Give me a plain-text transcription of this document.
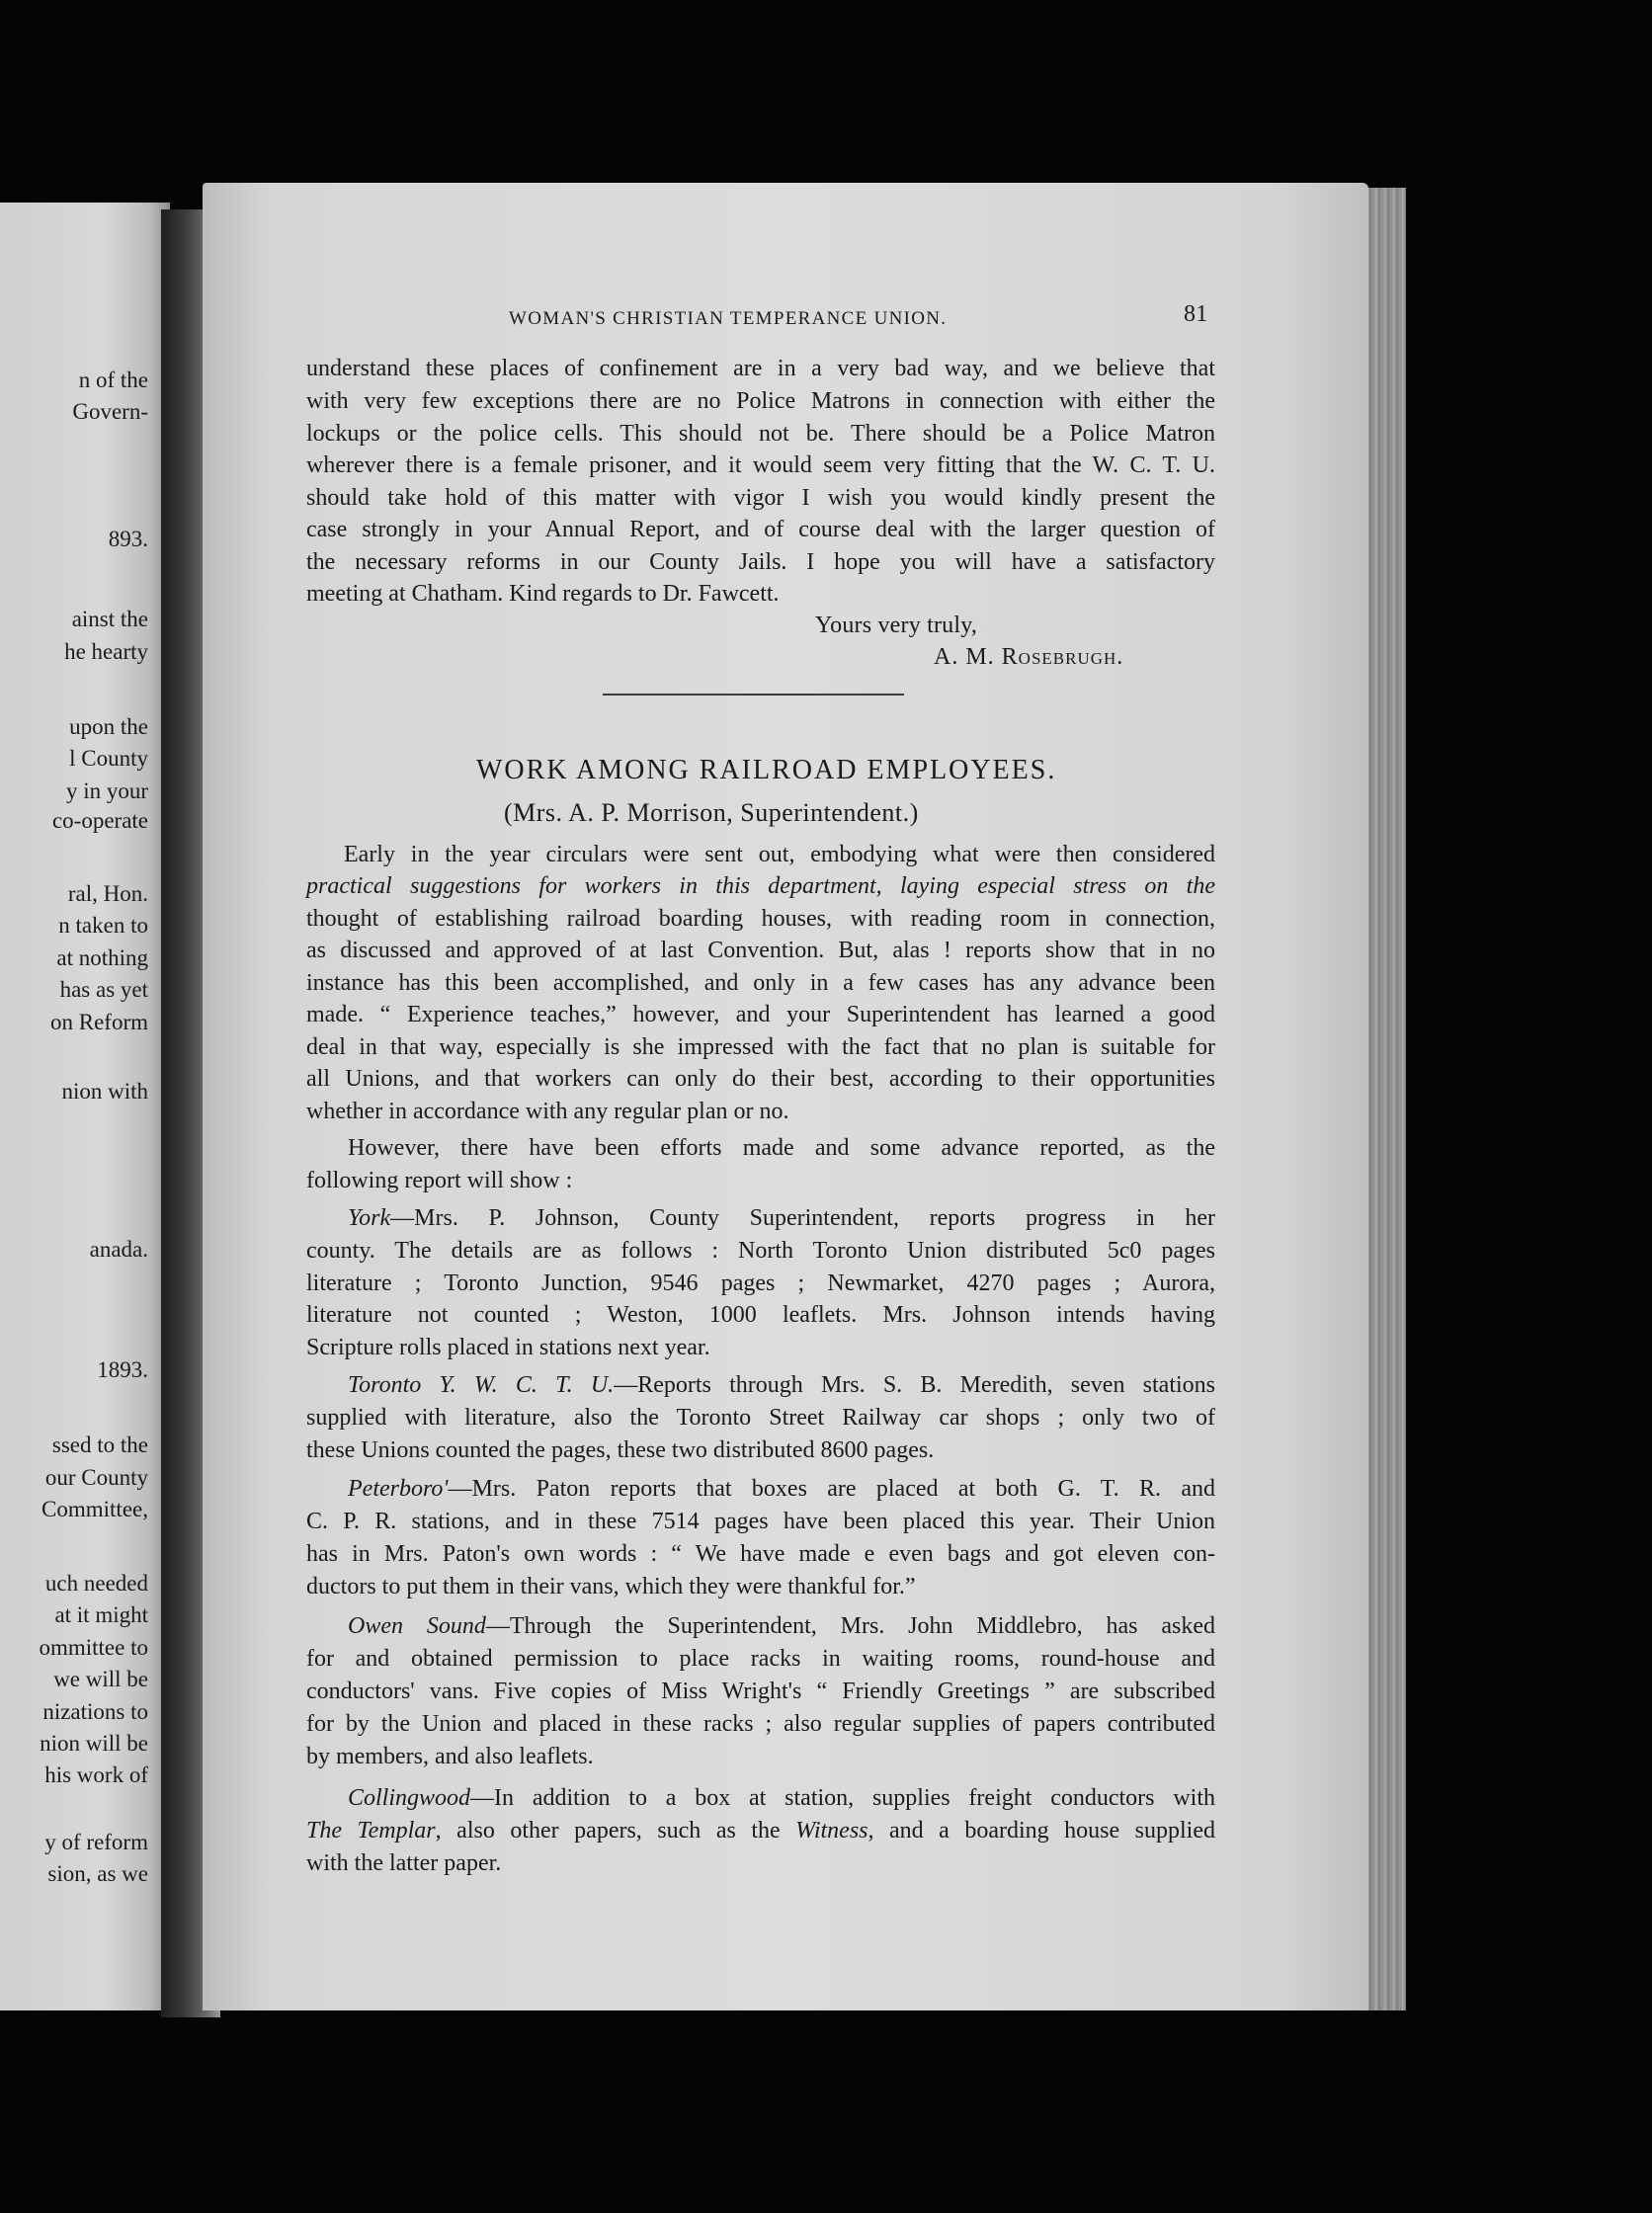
n of the
Govern-
893.
ainst the
he hearty
upon the
l County
y in your
co-operate
ral, Hon.
n taken to
at nothing
has as yet
on Reform
nion with
anada.
1893.
ssed to the
our County
Committee,
uch needed
at it might
ommittee to
we will be
nizations to
nion will be
his work of
y of reform
sion, as we
WOMAN'S CHRISTIAN TEMPERANCE UNION.	81
understand these places of confinement are in a very bad way, and we believe that
with very few exceptions there are no Police Matrons in connection with either the
lockups or the police cells. This should not be. There should be a Police Matron
wherever there is a female prisoner, and it would seem very fitting that the W. C. T. U.
should take hold of this matter with vigor I wish you would kindly present the
case strongly in your Annual Report, and of course deal with the larger question of
the necessary reforms in our County Jails. I hope you will have a satisfactory
meeting at Chatham. Kind regards to Dr. Fawcett.
Yours very truly,
A. M. Rosebrugh.
WORK AMONG RAILROAD EMPLOYEES.
(Mrs. A. P. Morrison, Superintendent.)
Early in the year circulars were sent out, embodying what were then considered
practical suggestions for workers in this department, laying especial stress on the
thought of establishing railroad boarding houses, with reading room in connection,
as discussed and approved of at last Convention. But, alas ! reports show that in no
instance has this been accomplished, and only in a few cases has any advance been
made. “ Experience teaches,” however, and your Superintendent has learned a good
deal in that way, especially is she impressed with the fact that no plan is suitable for
all Unions, and that workers can only do their best, according to their opportunities
whether in accordance with any regular plan or no.
However, there have been efforts made and some advance reported, as the
following report will show :
York—Mrs. P. Johnson, County Superintendent, reports progress in her
county. The details are as follows : North Toronto Union distributed 5c0 pages
literature ; Toronto Junction, 9546 pages ; Newmarket, 4270 pages ; Aurora,
literature not counted ; Weston, 1000 leaflets. Mrs. Johnson intends having
Scripture rolls placed in stations next year.
Toronto Y. W. C. T. U.—Reports through Mrs. S. B. Meredith, seven stations
supplied with literature, also the Toronto Street Railway car shops ; only two of
these Unions counted the pages, these two distributed 8600 pages.
Peterboro'—Mrs. Paton reports that boxes are placed at both G. T. R. and
C. P. R. stations, and in these 7514 pages have been placed this year. Their Union
has in Mrs. Paton's own words : “ We have made e even bags and got eleven con-
ductors to put them in their vans, which they were thankful for.”
Owen Sound—Through the Superintendent, Mrs. John Middlebro, has asked
for and obtained permission to place racks in waiting rooms, round-house and
conductors' vans. Five copies of Miss Wright's “ Friendly Greetings ” are subscribed
for by the Union and placed in these racks ; also regular supplies of papers contributed
by members, and also leaflets.
Collingwood—In addition to a box at station, supplies freight conductors with
The Templar, also other papers, such as the Witness, and a boarding house supplied
with the latter paper.
